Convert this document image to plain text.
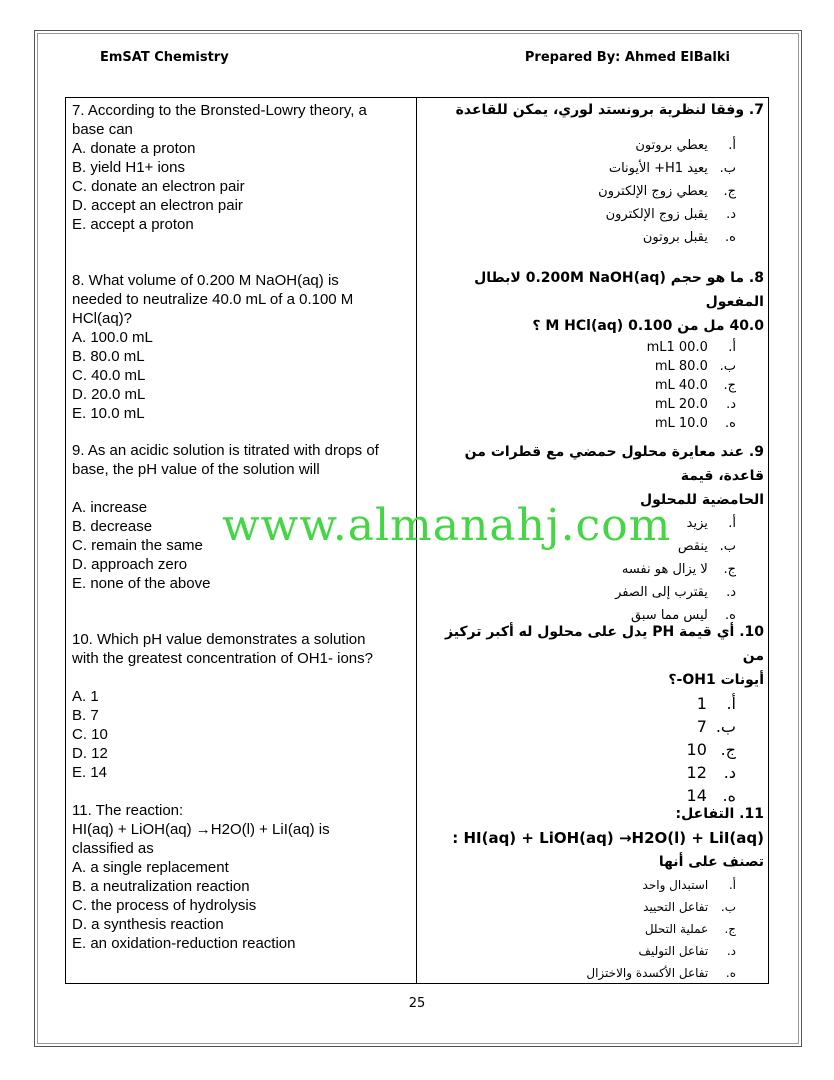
EmSAT Chemistry	Prepared By: Ahmed ElBalki
7. According to the Bronsted-Lowry theory, a
base can
A. donate a proton
B. yield H1+ ions
C. donate an electron pair
D. accept an electron pair
E. accept a proton
8. What volume of 0.200 M NaOH(aq) is
needed to neutralize 40.0 mL of a 0.100 M
HCl(aq)?
A. 100.0 mL
B. 80.0 mL
C. 40.0 mL
D. 20.0 mL
E. 10.0 mL
9. As an acidic solution is titrated with drops of
base, the pH value of the solution will
A. increase
B. decrease
C. remain the same
D. approach zero
E. none of the above
10. Which pH value demonstrates a solution
with the greatest concentration of OH1- ions?
A. 1
B. 7
C. 10
D. 12
E. 14
11. The reaction:
HI(aq) + LiOH(aq) →H2O(l) + LiI(aq) is
classified as
A. a single replacement
B. a neutralization reaction
C. the process of hydrolysis
D. a synthesis reaction
E. an oxidation-reduction reaction
7. وفقا لنظرية برونستد لوري، يمكن للقاعدة
أ. يعطي بروتون
ب. يعيد H1+ الأيونات
ج. يعطي زوج الإلكترون
د. يقبل زوج الإلكترون
ه. يقبل بروتون
8. ما هو حجم 0.200M NaOH(aq) لابطال المفعول
40.0 مل من 0.100 M HCl(aq) ؟
أ. 00.0 mL1
ب. 80.0 mL
ج. 40.0 mL
د. 20.0 mL
ه. 10.0 mL
9. عند معايرة محلول حمضي مع قطرات من قاعدة، قيمة
الحامضية للمحلول
أ. يزيد
ب. ينقص
ج. لا يزال هو نفسه
د. يقترب إلى الصفر
ه. ليس مما سبق
10. أي قيمة PH يدل على محلول له أكبر تركيز من
أيونات OH1-؟
أ. 1
ب. 7
ج. 10
د. 12
ه. 14
11. التفاعل:
HI(aq) + LiOH(aq) →H2O(l) + LiI(aq) :
تصنف على أنها
أ. استبدال واحد
ب. تفاعل التحييد
ج. عملية التحلل
د. تفاعل التوليف
ه. تفاعل الأكسدة والاختزال
www.almanahj.com
25
